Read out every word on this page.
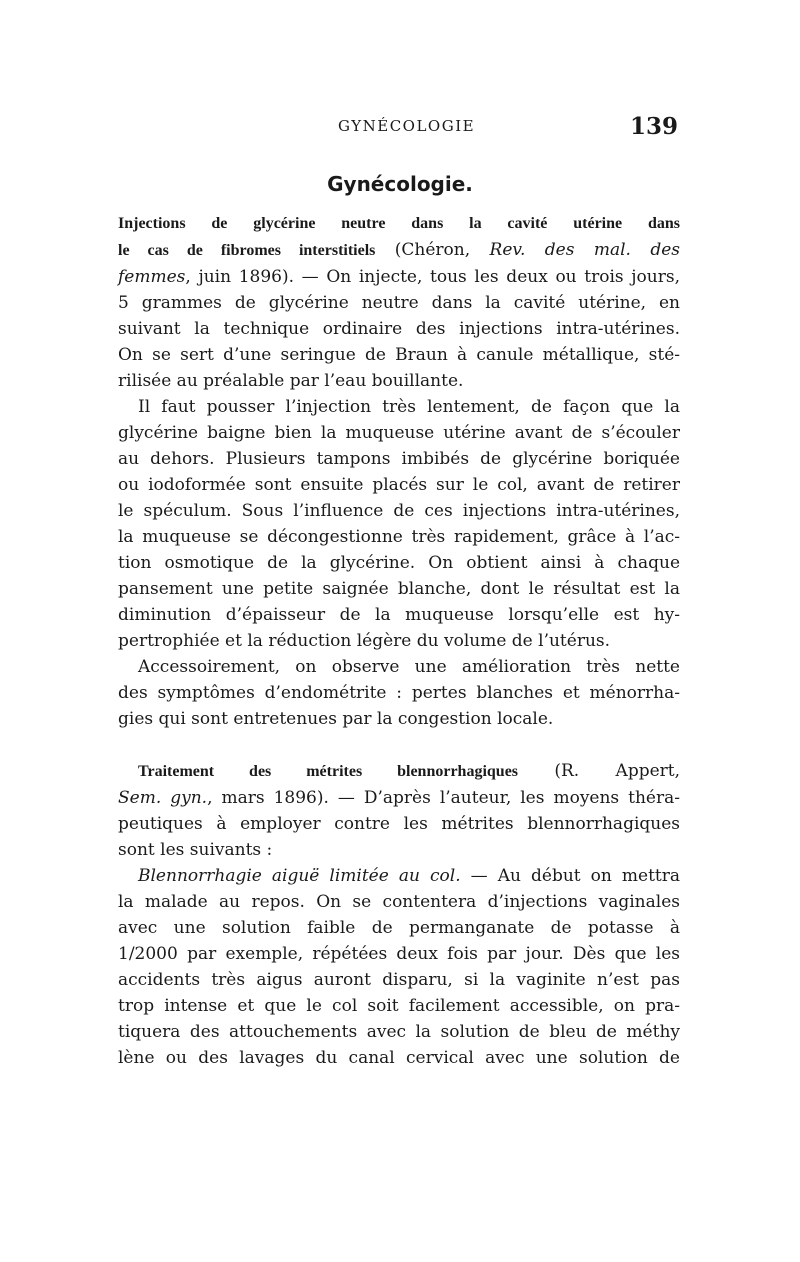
GYNÉCOLOGIE	139
Gynécologie.
Injections de glycérine neutre dans la cavité utérine dans
le cas de fibromes interstitiels (Chéron, Rev. des mal. des
femmes, juin 1896). — On injecte, tous les deux ou trois jours,
5 grammes de glycérine neutre dans la cavité utérine, en
suivant la technique ordinaire des injections intra-utérines.
On se sert d’une seringue de Braun à canule métallique, sté-
rilisée au préalable par l’eau bouillante.
Il faut pousser l’injection très lentement, de façon que la
glycérine baigne bien la muqueuse utérine avant de s’écouler
au dehors. Plusieurs tampons imbibés de glycérine boriquée
ou iodoformée sont ensuite placés sur le col, avant de retirer
le spéculum. Sous l’influence de ces injections intra-utérines,
la muqueuse se décongestionne très rapidement, grâce à l’ac-
tion osmotique de la glycérine. On obtient ainsi à chaque
pansement une petite saignée blanche, dont le résultat est la
diminution d’épaisseur de la muqueuse lorsqu’elle est hy-
pertrophiée et la réduction légère du volume de l’utérus.
Accessoirement, on observe une amélioration très nette
des symptômes d’endométrite : pertes blanches et ménorrha-
gies qui sont entretenues par la congestion locale.
Traitement des métrites blennorrhagiques (R. Appert,
Sem. gyn., mars 1896). — D’après l’auteur, les moyens théra-
peutiques à employer contre les métrites blennorrhagiques
sont les suivants :
Blennorrhagie aiguë limitée au col. — Au début on mettra
la malade au repos. On se contentera d’injections vaginales
avec une solution faible de permanganate de potasse à
1/2000 par exemple, répétées deux fois par jour. Dès que les
accidents très aigus auront disparu, si la vaginite n’est pas
trop intense et que le col soit facilement accessible, on pra-
tiquera des attouchements avec la solution de bleu de méthy
lène ou des lavages du canal cervical avec une solution de
